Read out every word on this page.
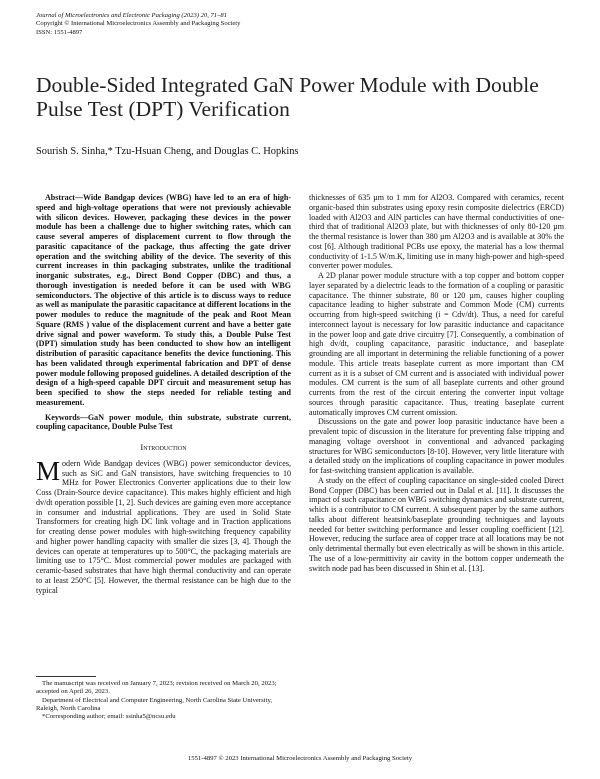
Journal of Microelectronics and Electronic Packaging (2023) 20, 71–81
Copyright © International Microelectronics Assembly and Packaging Society
ISSN: 1551-4897
Double-Sided Integrated GaN Power Module with Double Pulse Test (DPT) Verification
Sourish S. Sinha,* Tzu-Hsuan Cheng, and Douglas C. Hopkins

Abstract—Wide Bandgap devices (WBG) have led to an era of high-speed and high-voltage operations that were not previously achievable with silicon devices. However, packaging these devices in the power module has been a challenge due to higher switching rates, which can cause several amperes of displacement current to flow through the parasitic capacitance of the package, thus affecting the gate driver operation and the switching ability of the device. The severity of this current increases in thin packaging substrates, unlike the traditional inorganic substrates, e.g., Direct Bond Copper (DBC) and thus, a thorough investigation is needed before it can be used with WBG semiconductors. The objective of this article is to discuss ways to reduce as well as manipulate the parasitic capacitance at different locations in the power modules to reduce the magnitude of the peak and Root Mean Square (RMS ) value of the displacement current and have a better gate drive signal and power waveform. To study this, a Double Pulse Test (DPT) simulation study has been conducted to show how an intelligent distribution of parasitic capacitance benefits the device functioning. This has been validated through experimental fabrication and DPT of dense power module following proposed guidelines. A detailed description of the design of a high-speed capable DPT circuit and measurement setup has been specified to show the steps needed for reliable testing and measurement.

Keywords—GaN power module, thin substrate, substrate current, coupling capacitance, Double Pulse Test

Introduction

Modern Wide Bandgap devices (WBG) power semiconductor devices, such as SiC and GaN transistors, have switching frequencies to 10 MHz for Power Electronics Converter applications due to their low Coss (Drain-Source device capacitance). This makes highly efficient and high dv/dt operation possible [1, 2]. Such devices are gaining even more acceptance in consumer and industrial applications. They are used in Solid State Transformers for creating high DC link voltage and in Traction applications for creating dense power modules with high-switching frequency capability and higher power handling capacity with smaller die sizes [3, 4]. Though the devices can operate at temperatures up to 500°C, the packaging materials are limiting use to 175°C. Most commercial power modules are packaged with ceramic-based substrates that have high thermal conductivity and can operate to at least 250°C [5]. However, the thermal resistance can be high due to the typical

The manuscript was received on January 7, 2023; revision received on March 20, 2023; accepted on April 26, 2023.

Department of Electrical and Computer Engineering, North Carolina State University, Raleigh, North Carolina

*Corresponding author; email: ssinha5@ncsu.edu

thicknesses of 635 µm to 1 mm for Al2O3. Compared with ceramics, recent organic-based thin substrates using epoxy resin composite dielectrics (ERCD) loaded with Al2O3 and AlN particles can have thermal conductivities of one-third that of traditional Al2O3 plate, but with thicknesses of only 80-120 µm the thermal resistance is lower than 380 µm Al2O3 and is available at 30% the cost [6]. Although traditional PCBs use epoxy, the material has a low thermal conductivity of 1-1.5 W/m.K, limiting use in many high-power and high-speed converter power modules.

A 2D planar power module structure with a top copper and bottom copper layer separated by a dielectric leads to the formation of a coupling or parasitic capacitance. The thinner substrate, 80 or 120 µm, causes higher coupling capacitance leading to higher substrate and Common Mode (CM) currents occurring from high-speed switching (i = Cdv/dt). Thus, a need for careful interconnect layout is necessary for low parasitic inductance and capacitance in the power loop and gate drive circuitry [7]. Consequently, a combination of high dv/dt, coupling capacitance, parasitic inductance, and baseplate grounding are all important in determining the reliable functioning of a power module. This article treats baseplate current as more important than CM current as it is a subset of CM current and is associated with individual power modules. CM current is the sum of all baseplate currents and other ground currents from the rest of the circuit entering the converter input voltage sources through parasitic capacitance. Thus, treating baseplate current automatically improves CM current omission.

Discussions on the gate and power loop parasitic inductance have been a prevalent topic of discussion in the literature for preventing false tripping and managing voltage overshoot in conventional and advanced packaging structures for WBG semiconductors [8-10]. However, very little literature with a detailed study on the implications of coupling capacitance in power modules for fast-switching transient application is available.

A study on the effect of coupling capacitance on single-sided cooled Direct Bond Copper (DBC) has been carried out in Dalal et al. [11]. It discusses the impact of such capacitance on WBG switching dynamics and substrate current, which is a contributor to CM current. A subsequent paper by the same authors talks about different heatsink/baseplate grounding techniques and layouts needed for better switching performance and lesser coupling coefficient [12]. However, reducing the surface area of copper trace at all locations may be not only detrimental thermally but even electrically as will be shown in this article. The use of a low-permittivity air cavity in the bottom copper underneath the switch node pad has been discussed in Shin et al. [13].

1551-4897 © 2023 International Microelectronics Assembly and Packaging Society
